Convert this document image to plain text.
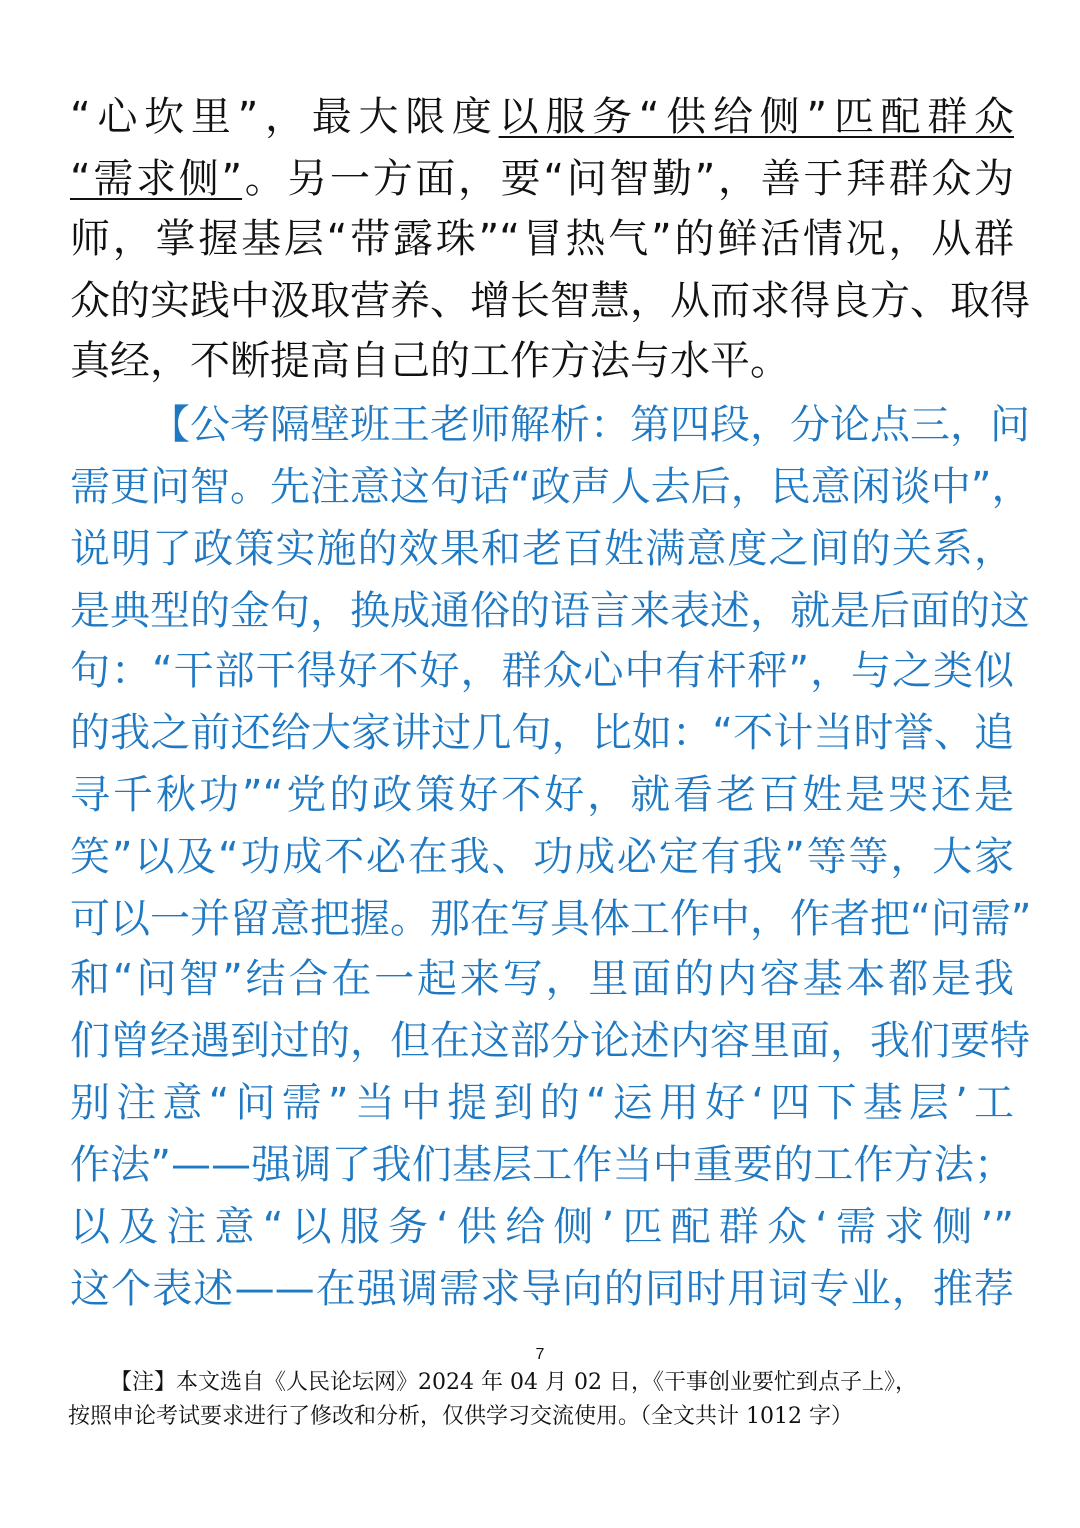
“心坎里”，最大限度以服务“供给侧”匹配群众
“需求侧”。另一方面，要“问智勤”，善于拜群众为
师，掌握基层“带露珠”“冒热气”的鲜活情况，从群
众的实践中汲取营养、增长智慧，从而求得良方、取得
真经，不断提高自己的工作方法与水平。
【公考隔壁班王老师解析：第四段，分论点三，问
需更问智。先注意这句话“政声人去后，民意闲谈中”，
说明了政策实施的效果和老百姓满意度之间的关系，
是典型的金句，换成通俗的语言来表述，就是后面的这
句：“干部干得好不好，群众心中有杆秤”，与之类似
的我之前还给大家讲过几句，比如：“不计当时誉、追
寻千秋功”“党的政策好不好，就看老百姓是哭还是
笑”以及“功成不必在我、功成必定有我”等等，大家
可以一并留意把握。那在写具体工作中，作者把“问需”
和“问智”结合在一起来写，里面的内容基本都是我
们曾经遇到过的，但在这部分论述内容里面，我们要特
别注意“问需”当中提到的“运用好‘四下基层’工
作法”——强调了我们基层工作当中重要的工作方法；
以及注意“以服务‘供给侧’匹配群众‘需求侧’”
这个表述——在强调需求导向的同时用词专业，推荐
7
【注】本文选自《人民论坛网》2024 年 04 月 02 日，《干事创业要忙到点子上》，
按照申论考试要求进行了修改和分析，仅供学习交流使用。（全文共计 1012 字）
